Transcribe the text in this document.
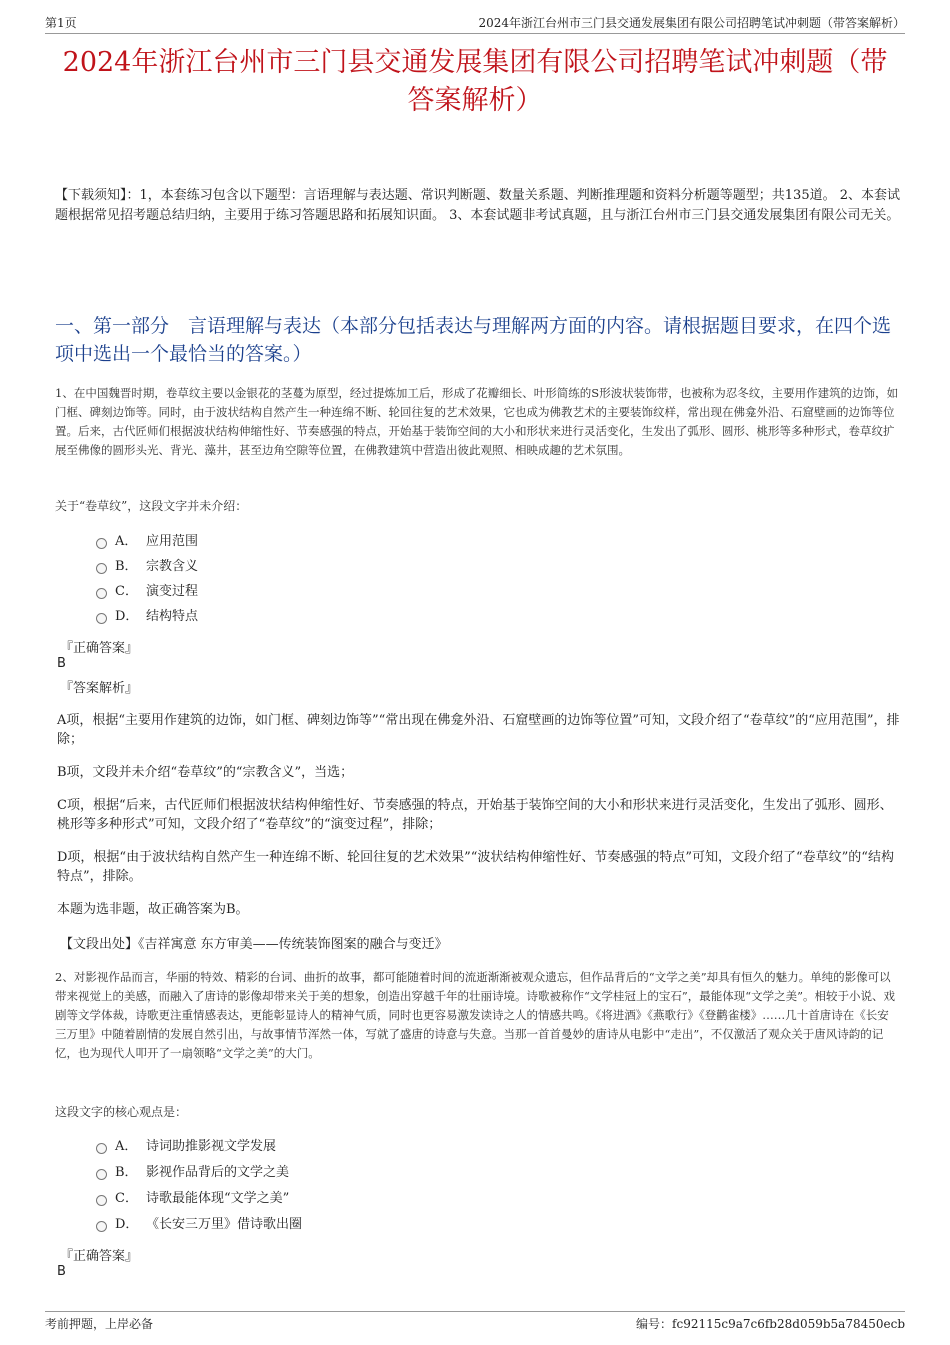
第1页	2024年浙江台州市三门县交通发展集团有限公司招聘笔试冲刺题（带答案解析）
2024年浙江台州市三门县交通发展集团有限公司招聘笔试冲刺题（带答案解析）
【下载须知】：1，本套练习包含以下题型：言语理解与表达题、常识判断题、数量关系题、判断推理题和资料分析题等题型；共135道。 2、本套试题根据常见招考题总结归纳，主要用于练习答题思路和拓展知识面。 3、本套试题非考试真题，且与浙江台州市三门县交通发展集团有限公司无关。
一、第一部分　言语理解与表达（本部分包括表达与理解两方面的内容。请根据题目要求，在四个选项中选出一个最恰当的答案。）
1、在中国魏晋时期，卷草纹主要以金银花的茎蔓为原型，经过提炼加工后，形成了花瓣细长、叶形简练的S形波状装饰带，也被称为忍冬纹，主要用作建筑的边饰，如门框、碑刻边饰等。同时，由于波状结构自然产生一种连绵不断、轮回往复的艺术效果，它也成为佛教艺术的主要装饰纹样，常出现在佛龛外沿、石窟壁画的边饰等位置。后来，古代匠师们根据波状结构伸缩性好、节奏感强的特点，开始基于装饰空间的大小和形状来进行灵活变化，生发出了弧形、圆形、桃形等多种形式，卷草纹扩展至佛像的圆形头光、背光、藻井，甚至边角空隙等位置，在佛教建筑中营造出彼此观照、相映成趣的艺术氛围。
关于“卷草纹”，这段文字并未介绍：
A． 应用范围
B． 宗教含义
C． 演变过程
D． 结构特点
『正确答案』
B
『答案解析』
A项，根据“主要用作建筑的边饰，如门框、碑刻边饰等”“常出现在佛龛外沿、石窟壁画的边饰等位置”可知，文段介绍了“卷草纹”的“应用范围”，排除；
B项，文段并未介绍“卷草纹”的“宗教含义”，当选；
C项，根据“后来，古代匠师们根据波状结构伸缩性好、节奏感强的特点，开始基于装饰空间的大小和形状来进行灵活变化，生发出了弧形、圆形、桃形等多种形式”可知，文段介绍了“卷草纹”的“演变过程”，排除；
D项，根据“由于波状结构自然产生一种连绵不断、轮回往复的艺术效果”“波状结构伸缩性好、节奏感强的特点”可知，文段介绍了“卷草纹”的“结构特点”，排除。
本题为选非题，故正确答案为B。
【文段出处】《吉祥寓意 东方审美——传统装饰图案的融合与变迁》
2、对影视作品而言，华丽的特效、精彩的台词、曲折的故事，都可能随着时间的流逝渐渐被观众遗忘，但作品背后的“文学之美”却具有恒久的魅力。单纯的影像可以带来视觉上的美感，而融入了唐诗的影像却带来关于美的想象，创造出穿越千年的壮丽诗境。诗歌被称作“文学桂冠上的宝石”，最能体现“文学之美”。相较于小说、戏剧等文学体裁，诗歌更注重情感表达，更能彰显诗人的精神气质，同时也更容易激发读诗之人的情感共鸣。《将进酒》《燕歌行》《登鹳雀楼》……几十首唐诗在《长安三万里》中随着剧情的发展自然引出，与故事情节浑然一体，写就了盛唐的诗意与失意。当那一首首曼妙的唐诗从电影中“走出”，不仅激活了观众关于唐风诗韵的记忆，也为现代人叩开了一扇领略“文学之美”的大门。
这段文字的核心观点是：
A． 诗词助推影视文学发展
B． 影视作品背后的文学之美
C． 诗歌最能体现“文学之美”
D． 《长安三万里》借诗歌出圈
『正确答案』
B
考前押题，上岸必备	编号：fc92115c9a7c6fb28d059b5a78450ecb
